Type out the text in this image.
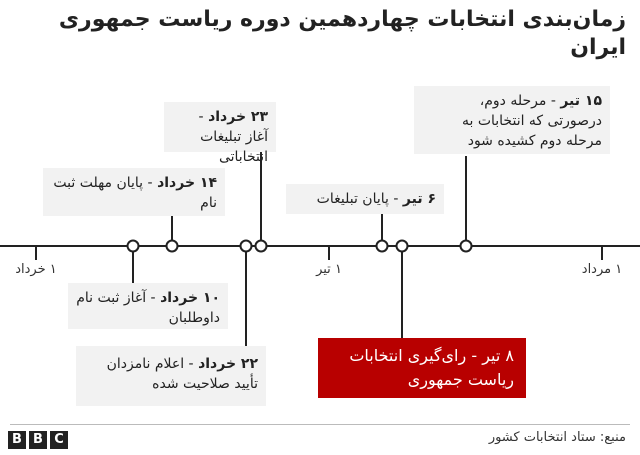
زمان‌بندی انتخابات چهاردهمین دوره ریاست جمهوری ایران
۱ خرداد	۱ تیر	۱ مرداد
۲۳ خرداد - آغاز تبلیغات انتخاباتی
۱۵ تیر - مرحله دوم، درصورتی که انتخابات به مرحله دوم کشیده شود
۱۴ خرداد - پایان مهلت ثبت نام	۶ تیر - پایان تبلیغات
۱۰ خرداد - آغاز ثبت نام داوطلبان
۲۲ خرداد - اعلام نامزدان تأیید صلاحیت شده
۸ تیر - رای‌گیری انتخابات ریاست جمهوری
B B C	منبع: ستاد انتخابات کشور
